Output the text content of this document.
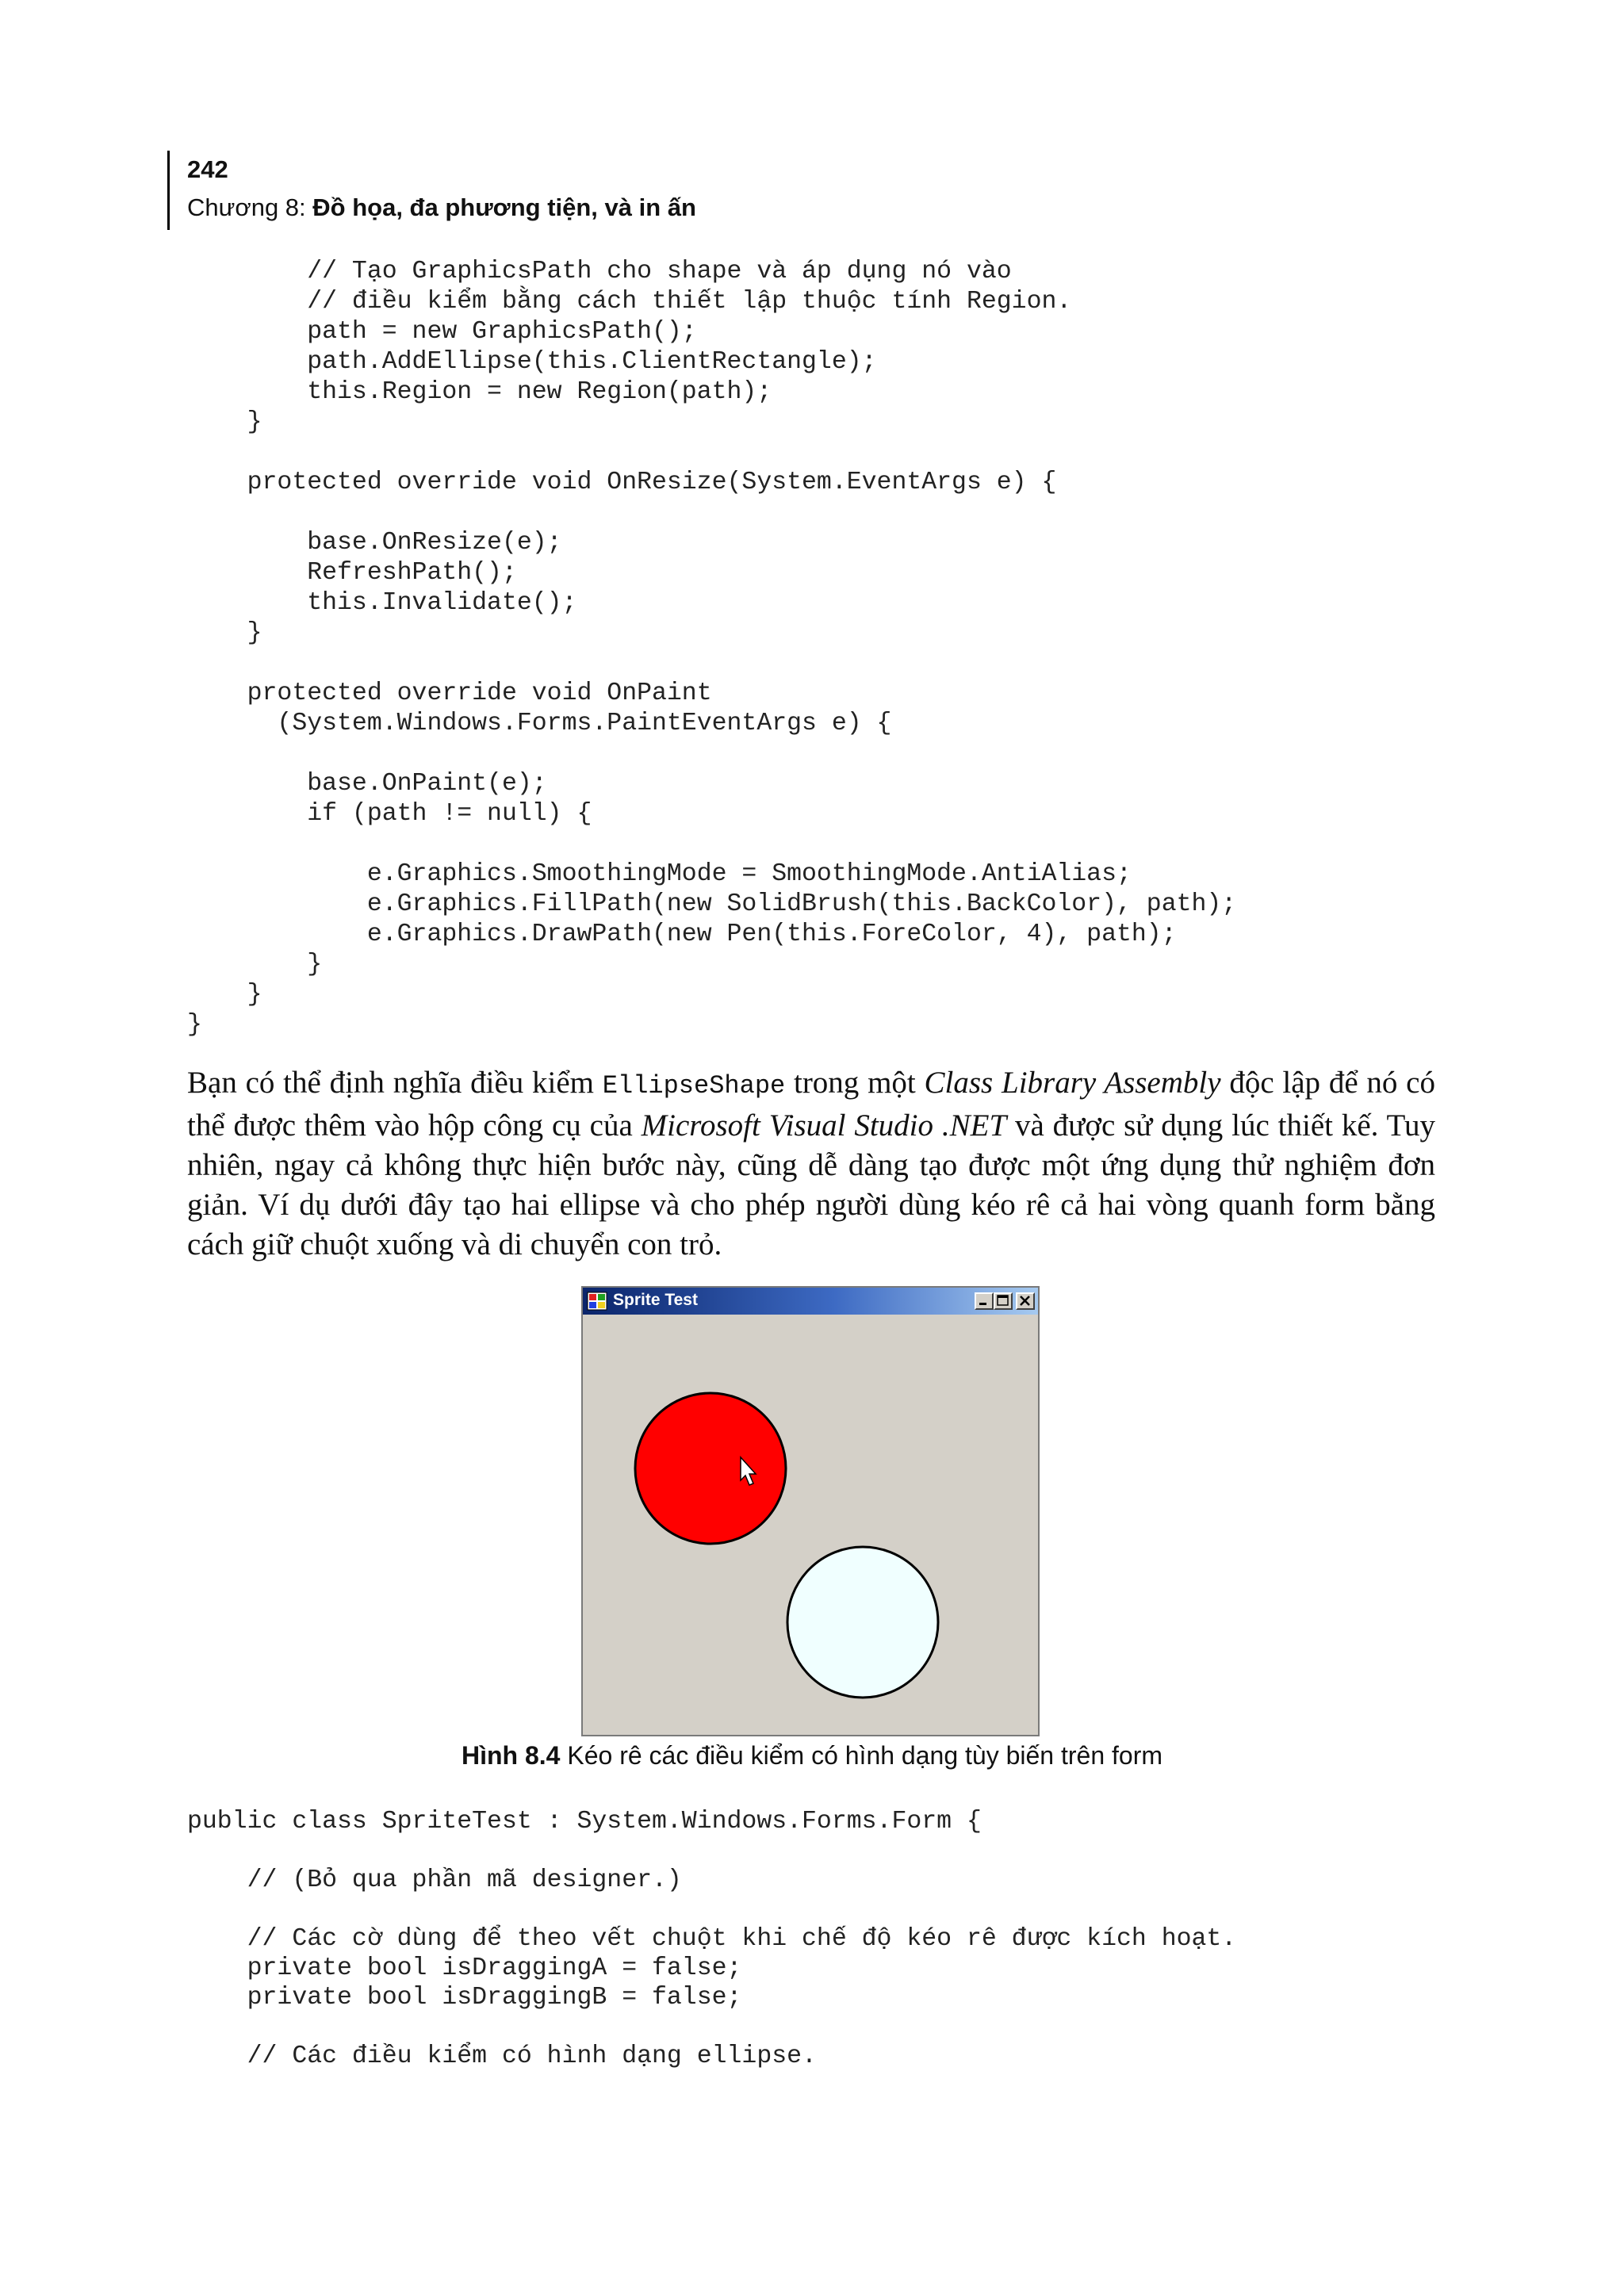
242
Chương 8: Đồ họa, đa phương tiện, và in ấn
// Tạo GraphicsPath cho shape và áp dụng nó vào
// điều kiểm bằng cách thiết lập thuộc tính Region.
path = new GraphicsPath();
path.AddEllipse(this.ClientRectangle);
this.Region = new Region(path);
}
protected override void OnResize(System.EventArgs e) {
base.OnResize(e);
RefreshPath();
this.Invalidate();
}
protected override void OnPaint
(System.Windows.Forms.PaintEventArgs e) {
base.OnPaint(e);
if (path != null) {
e.Graphics.SmoothingMode = SmoothingMode.AntiAlias;
e.Graphics.FillPath(new SolidBrush(this.BackColor), path);
e.Graphics.DrawPath(new Pen(this.ForeColor, 4), path);
}
}
}

Bạn có thể định nghĩa điều kiểm EllipseShape trong một Class Library Assembly độc lập để nó có thể được thêm vào hộp công cụ của Microsoft Visual Studio .NET và được sử dụng lúc thiết kế. Tuy nhiên, ngay cả không thực hiện bước này, cũng dễ dàng tạo được một ứng dụng thử nghiệm đơn giản. Ví dụ dưới đây tạo hai ellipse và cho phép người dùng kéo rê cả hai vòng quanh form bằng cách giữ chuột xuống và di chuyển con trỏ.

Sprite Test
Hình 8.4 Kéo rê các điều kiểm có hình dạng tùy biến trên form
public class SpriteTest : System.Windows.Forms.Form {
// (Bỏ qua phần mã designer.)
// Các cờ dùng để theo vết chuột khi chế độ kéo rê được kích hoạt.
private bool isDraggingA = false;
private bool isDraggingB = false;
// Các điều kiểm có hình dạng ellipse.
